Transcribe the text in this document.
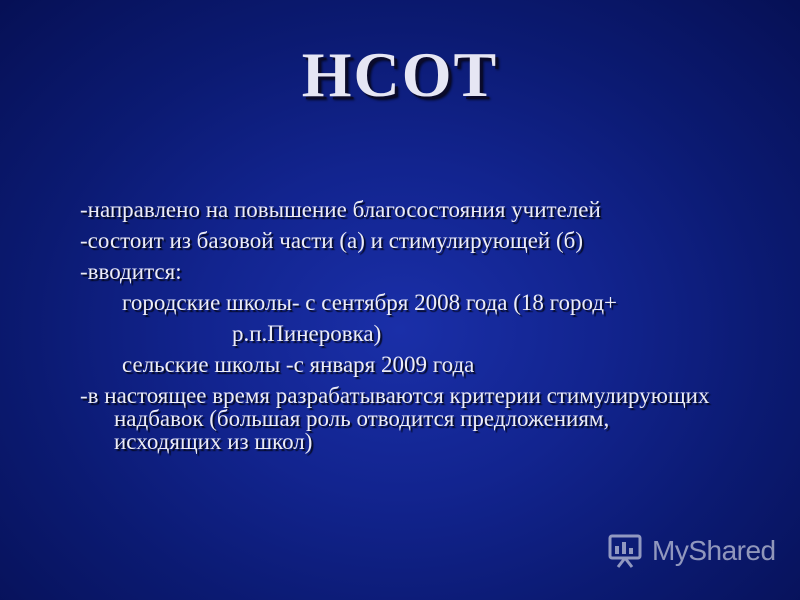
НСОТ
-направлено на повышение благосостояния учителей
-состоит из базовой части (а) и стимулирующей (б)
-вводится:
городские школы- с сентября 2008 года (18 город+
р.п.Пинеровка)
сельские школы -с января 2009 года
-в настоящее время разрабатываются критерии стимулирующих надбавок (большая роль отводится предложениям, исходящих из школ)
MyShared
